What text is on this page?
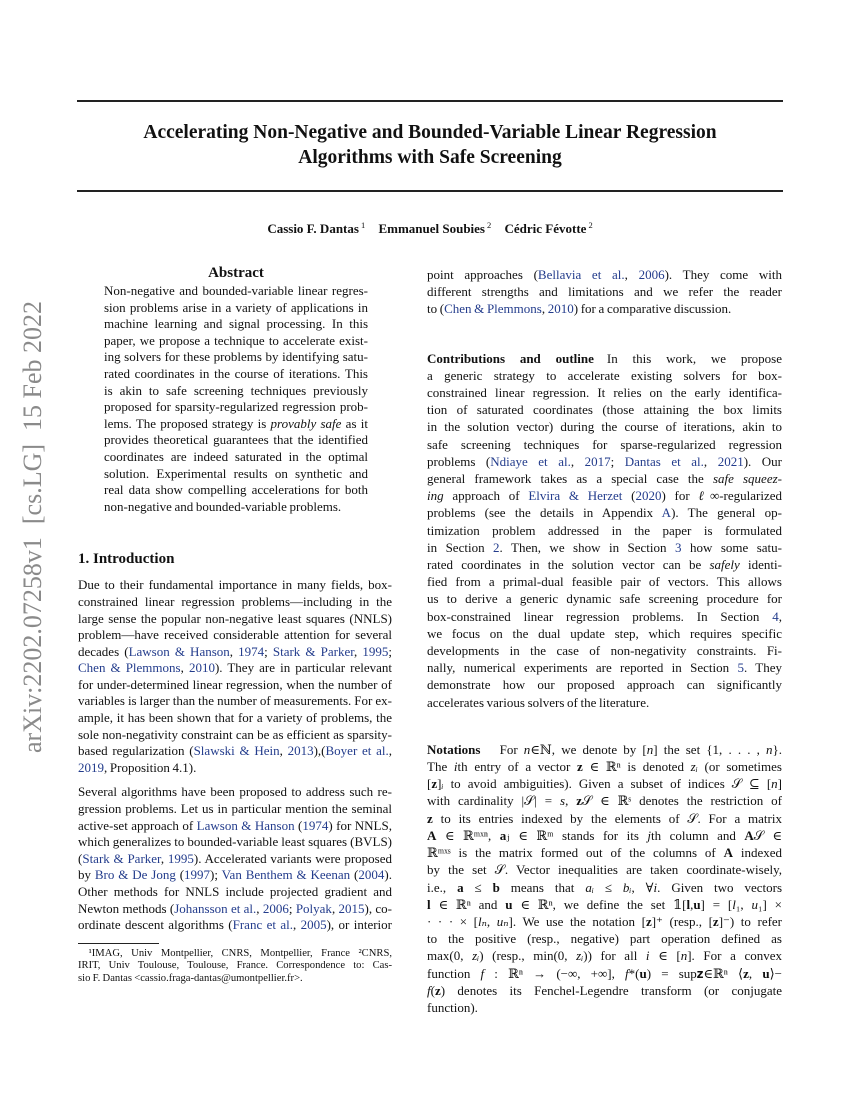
arXiv:2202.07258v1  [cs.LG]  15 Feb 2022
Accelerating Non-Negative and Bounded-Variable Linear Regression
Algorithms with Safe Screening
Cassio F. Dantas $^1$ Emmanuel Soubies $^2$ Cédric Févotte $^2$
Abstract
Non-negative and bounded-variable linear regres-
sion problems arise in a variety of applications in
machine learning and signal processing. In this
paper, we propose a technique to accelerate exist-
ing solvers for these problems by identifying satu-
rated coordinates in the course of iterations. This
is akin to safe screening techniques previously
proposed for sparsity-regularized regression prob-
lems. The proposed strategy is provably safe as it
provides theoretical guarantees that the identified
coordinates are indeed saturated in the optimal
solution. Experimental results on synthetic and
real data show compelling accelerations for both
non-negative and bounded-variable problems.
1. Introduction
Due to their fundamental importance in many fields, box-
constrained linear regression problems—including in the
large sense the popular non-negative least squares (NNLS)
problem—have received considerable attention for several
decades (Lawson & Hanson, 1974; Stark & Parker, 1995;
Chen & Plemmons, 2010). They are in particular relevant
for under-determined linear regression, when the number of
variables is larger than the number of measurements. For ex-
ample, it has been shown that for a variety of problems, the
sole non-negativity constraint can be as efficient as sparsity-
based regularization (Slawski & Hein, 2013),(Boyer et al.,
2019, Proposition 4.1).
Several algorithms have been proposed to address such re-
gression problems. Let us in particular mention the seminal
active-set approach of Lawson & Hanson (1974) for NNLS,
which generalizes to bounded-variable least squares (BVLS)
(Stark & Parker, 1995). Accelerated variants were proposed
by Bro & De Jong (1997); Van Benthem & Keenan (2004).
Other methods for NNLS include projected gradient and
Newton methods (Johansson et al., 2006; Polyak, 2015), co-
ordinate descent algorithms (Franc et al., 2005), or interior
 ¹IMAG, Univ Montpellier, CNRS, Montpellier, France ²CNRS,
IRIT, Univ Toulouse, Toulouse, France. Correspondence to: Cas-
sio F. Dantas <cassio.fraga-dantas@umontpellier.fr>.
point approaches (Bellavia et al., 2006). They come with
different strengths and limitations and we refer the reader
to (Chen & Plemmons, 2010) for a comparative discussion.
Contributions and outline In this work, we propose
a generic strategy to accelerate existing solvers for box-
constrained linear regression. It relies on the early identifica-
tion of saturated coordinates (those attaining the box limits
in the solution vector) during the course of iterations, akin to
safe screening techniques for sparse-regularized regression
problems (Ndiaye et al., 2017; Dantas et al., 2021). Our
general framework takes as a special case the safe squeez-
ing approach of Elvira & Herzet (2020) for ℓ∞-regularized
problems (see the details in Appendix A). The general op-
timization problem addressed in the paper is formulated
in Section 2. Then, we show in Section 3 how some satu-
rated coordinates in the solution vector can be safely identi-
fied from a primal-dual feasible pair of vectors. This allows
us to derive a generic dynamic safe screening procedure for
box-constrained linear regression problems. In Section 4,
we focus on the dual update step, which requires specific
developments in the case of non-negativity constraints. Fi-
nally, numerical experiments are reported in Section 5. They
demonstrate how our proposed approach can significantly
accelerates various solvers of the literature.
Notations  For n∈ℕ, we denote by [n] the set {1, . . . , n}.
The ith entry of a vector z ∈ ℝⁿ is denoted zᵢ (or sometimes
[z]ᵢ to avoid ambiguities). Given a subset of indices 𝒮 ⊆ [n]
with cardinality |𝒮| = s, z𝒮 ∈ ℝˢ denotes the restriction of
z to its entries indexed by the elements of 𝒮. For a matrix
A ∈ ℝᵐˣⁿ, aⱼ ∈ ℝᵐ stands for its jth column and A𝒮 ∈
ℝᵐˣˢ is the matrix formed out of the columns of A indexed
by the set 𝒮. Vector inequalities are taken coordinate-wisely,
i.e., a ≤ b means that aᵢ ≤ bᵢ, ∀i. Given two vectors
l ∈ ℝⁿ and u ∈ ℝⁿ, we define the set 𝟙[l,u] = [l₁, u₁] ×
· · · × [lₙ, uₙ]. We use the notation [z]⁺ (resp., [z]⁻) to refer
to the positive (resp., negative) part operation defined as
max(0, zᵢ) (resp., min(0, zᵢ)) for all i ∈ [n]. For a convex
function f : ℝⁿ → (−∞, +∞], f*(u) = sup𝐳∈ℝⁿ ⟨z, u⟩−
f(z) denotes its Fenchel-Legendre transform (or conjugate
function).
